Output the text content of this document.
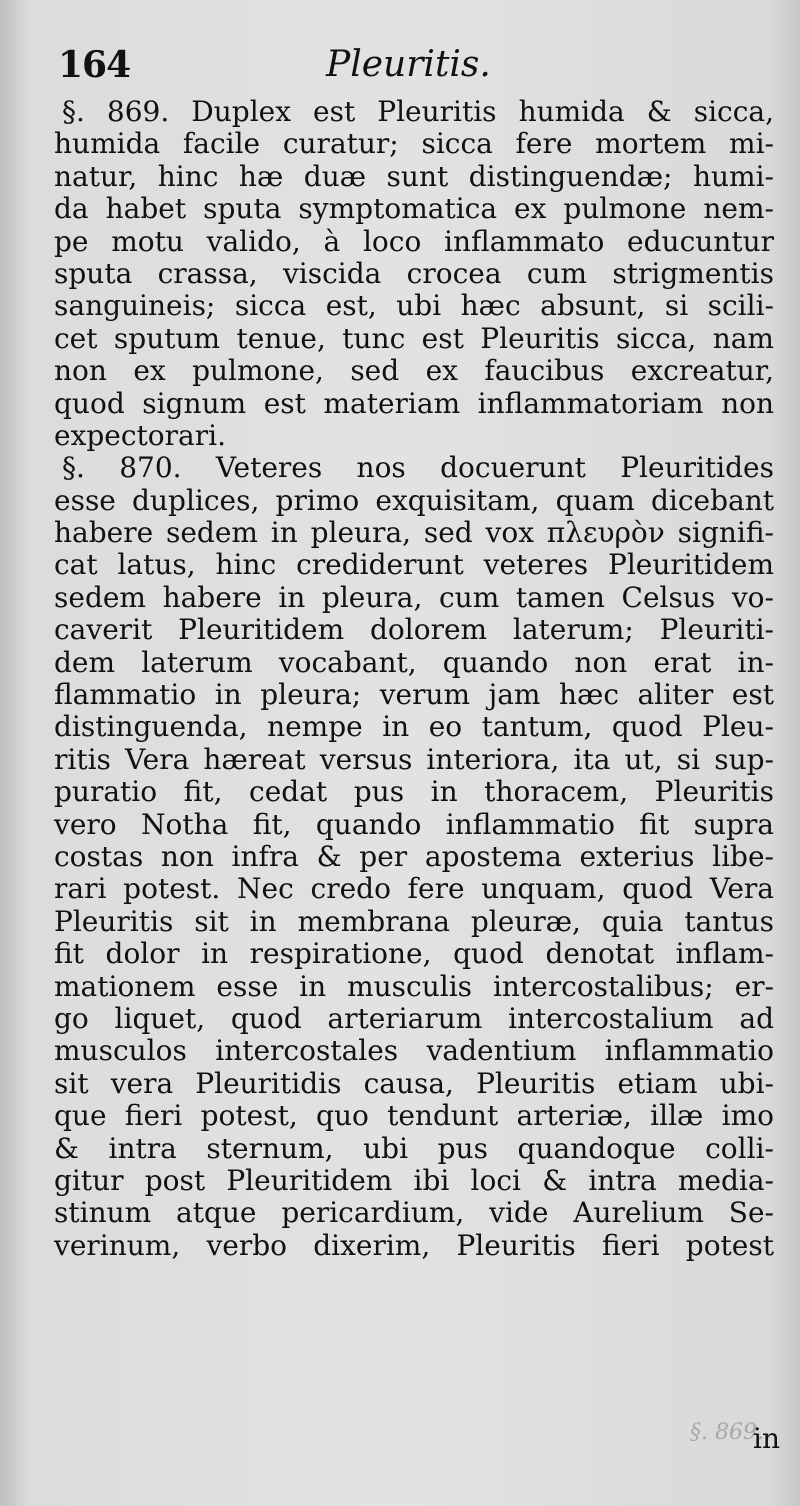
164	Pleuritis.
§. 869. Duplex est Pleuritis humida & sicca,
humida facile curatur; sicca fere mortem mi-
natur, hinc hæ duæ sunt distinguendæ; humi-
da habet sputa symptomatica ex pulmone nem-
pe motu valido, à loco inflammato educuntur
sputa crassa, viscida crocea cum strigmentis
sanguineis; sicca est, ubi hæc absunt, si scili-
cet sputum tenue, tunc est Pleuritis sicca, nam
non ex pulmone, sed ex faucibus excreatur,
quod signum est materiam inflammatoriam non
expectorari.
§. 870. Veteres nos docuerunt Pleuritides
esse duplices, primo exquisitam, quam dicebant
habere sedem in pleura, sed vox πλευρὸν signifi-
cat latus, hinc crediderunt veteres Pleuritidem
sedem habere in pleura, cum tamen Celsus vo-
caverit Pleuritidem dolorem laterum; Pleuriti-
dem laterum vocabant, quando non erat in-
flammatio in pleura; verum jam hæc aliter est
distinguenda, nempe in eo tantum, quod Pleu-
ritis Vera hæreat versus interiora, ita ut, si sup-
puratio fit, cedat pus in thoracem, Pleuritis
vero Notha fit, quando inflammatio fit supra
costas non infra & per apostema exterius libe-
rari potest. Nec credo fere unquam, quod Vera
Pleuritis sit in membrana pleuræ, quia tantus
fit dolor in respiratione, quod denotat inflam-
mationem esse in musculis intercostalibus; er-
go liquet, quod arteriarum intercostalium ad
musculos intercostales vadentium inflammatio
sit vera Pleuritidis causa, Pleuritis etiam ubi-
que fieri potest, quo tendunt arteriæ, illæ imo
& intra sternum, ubi pus quandoque colli-
gitur post Pleuritidem ibi loci & intra media-
stinum atque pericardium, vide Aurelium Se-
verinum, verbo dixerim, Pleuritis fieri potest
§. 869.
in
